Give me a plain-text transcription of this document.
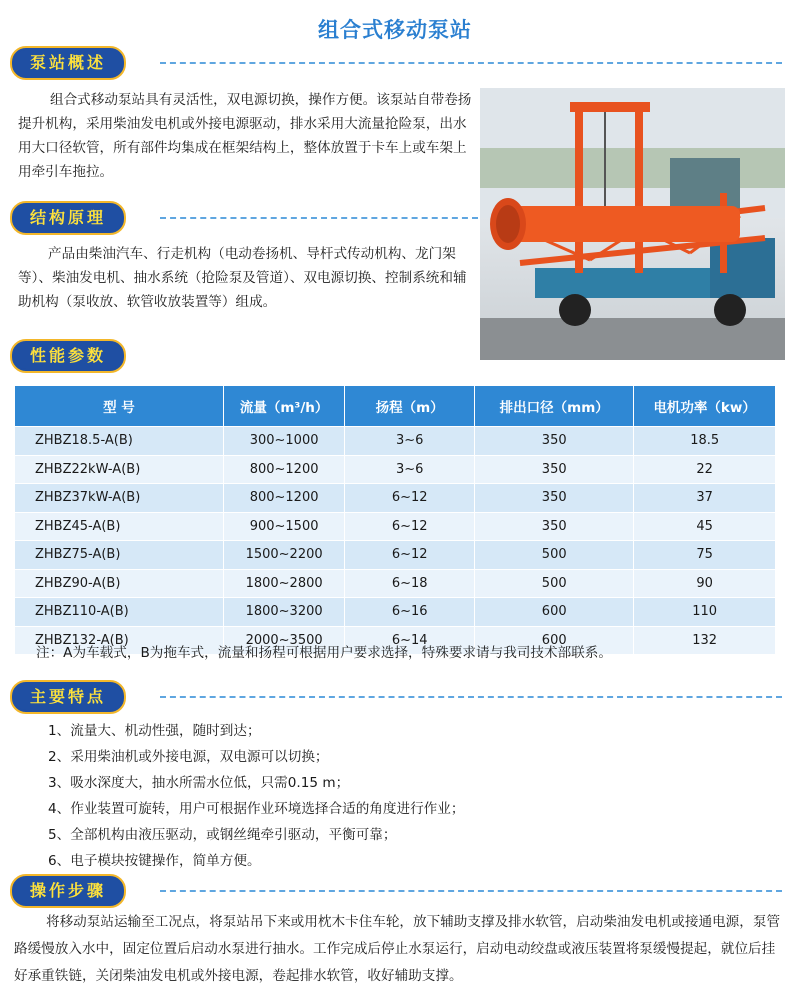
组合式移动泵站
泵站概述

组合式移动泵站具有灵活性，双电源切换，操作方便。该泵站自带卷扬提升机构，采用柴油发电机或外接电源驱动，排水采用大流量抢险泵，出水用大口径软管，所有部件均集成在框架结构上，整体放置于卡车上或车架上用牵引车拖拉。

结构原理

产品由柴油汽车、行走机构（电动卷扬机、导杆式传动机构、龙门架等）、柴油发电机、抽水系统（抢险泵及管道）、双电源切换、控制系统和辅助机构（泵收放、软管收放装置等）组成。

性能参数
型 号	流量（m³/h）	扬程（m）	排出口径（mm）	电机功率（kw）
ZHBZ18.5-A(B)	300~1000	3~6	350	18.5
ZHBZ22kW-A(B)	800~1200	3~6	350	22
ZHBZ37kW-A(B)	800~1200	6~12	350	37
ZHBZ45-A(B)	900~1500	6~12	350	45
ZHBZ75-A(B)	1500~2200	6~12	500	75
ZHBZ90-A(B)	1800~2800	6~18	500	90
ZHBZ110-A(B)	1800~3200	6~16	600	110
ZHBZ132-A(B)	2000~3500	6~14	600	132
注：A为车载式，B为拖车式，流量和扬程可根据用户要求选择，特殊要求请与我司技术部联系。
主要特点
1、流量大、机动性强，随时到达；
2、采用柴油机或外接电源，双电源可以切换；
3、吸水深度大，抽水所需水位低，只需0.15 m；
4、作业装置可旋转，用户可根据作业环境选择合适的角度进行作业；
5、全部机构由液压驱动，或钢丝绳牵引驱动，平衡可靠；
6、电子模块按键操作，简单方便。
操作步骤

将移动泵站运输至工况点，将泵站吊下来或用枕木卡住车轮，放下辅助支撑及排水软管，启动柴油发电机或接通电源，泵管路缓慢放入水中，固定位置后启动水泵进行抽水。工作完成后停止水泵运行，启动电动绞盘或液压装置将泵缓慢提起，就位后挂好承重铁链，关闭柴油发电机或外接电源，卷起排水软管，收好辅助支撑。
